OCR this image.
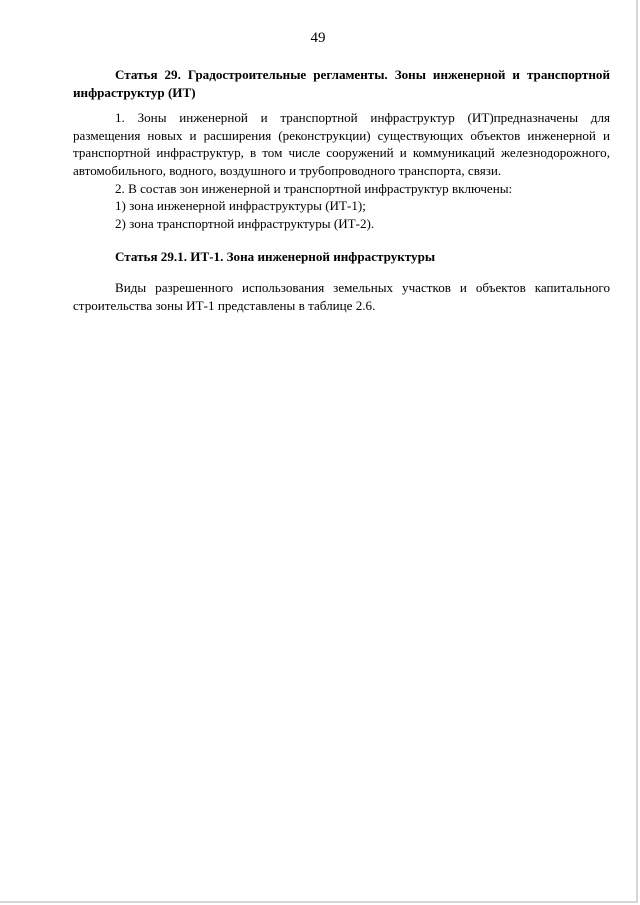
49

Статья 29. Градостроительные регламенты. Зоны инженерной и транспортной инфраструктур (ИТ)

1. Зоны инженерной и транспортной инфраструктур (ИТ)предназначены для размещения новых и расширения (реконструкции) существующих объектов инженерной и транспортной инфраструктур, в том числе сооружений и коммуникаций железнодорожного, автомобильного, водного, воздушного и трубопроводного транспорта, связи.

2. В состав зон инженерной и транспортной инфраструктур включены:

1) зона инженерной инфраструктуры (ИТ-1);

2) зона транспортной инфраструктуры (ИТ-2).

Статья 29.1. ИТ-1. Зона инженерной инфраструктуры

Виды разрешенного использования земельных участков и объектов капитального строительства зоны ИТ-1 представлены в таблице 2.6.
